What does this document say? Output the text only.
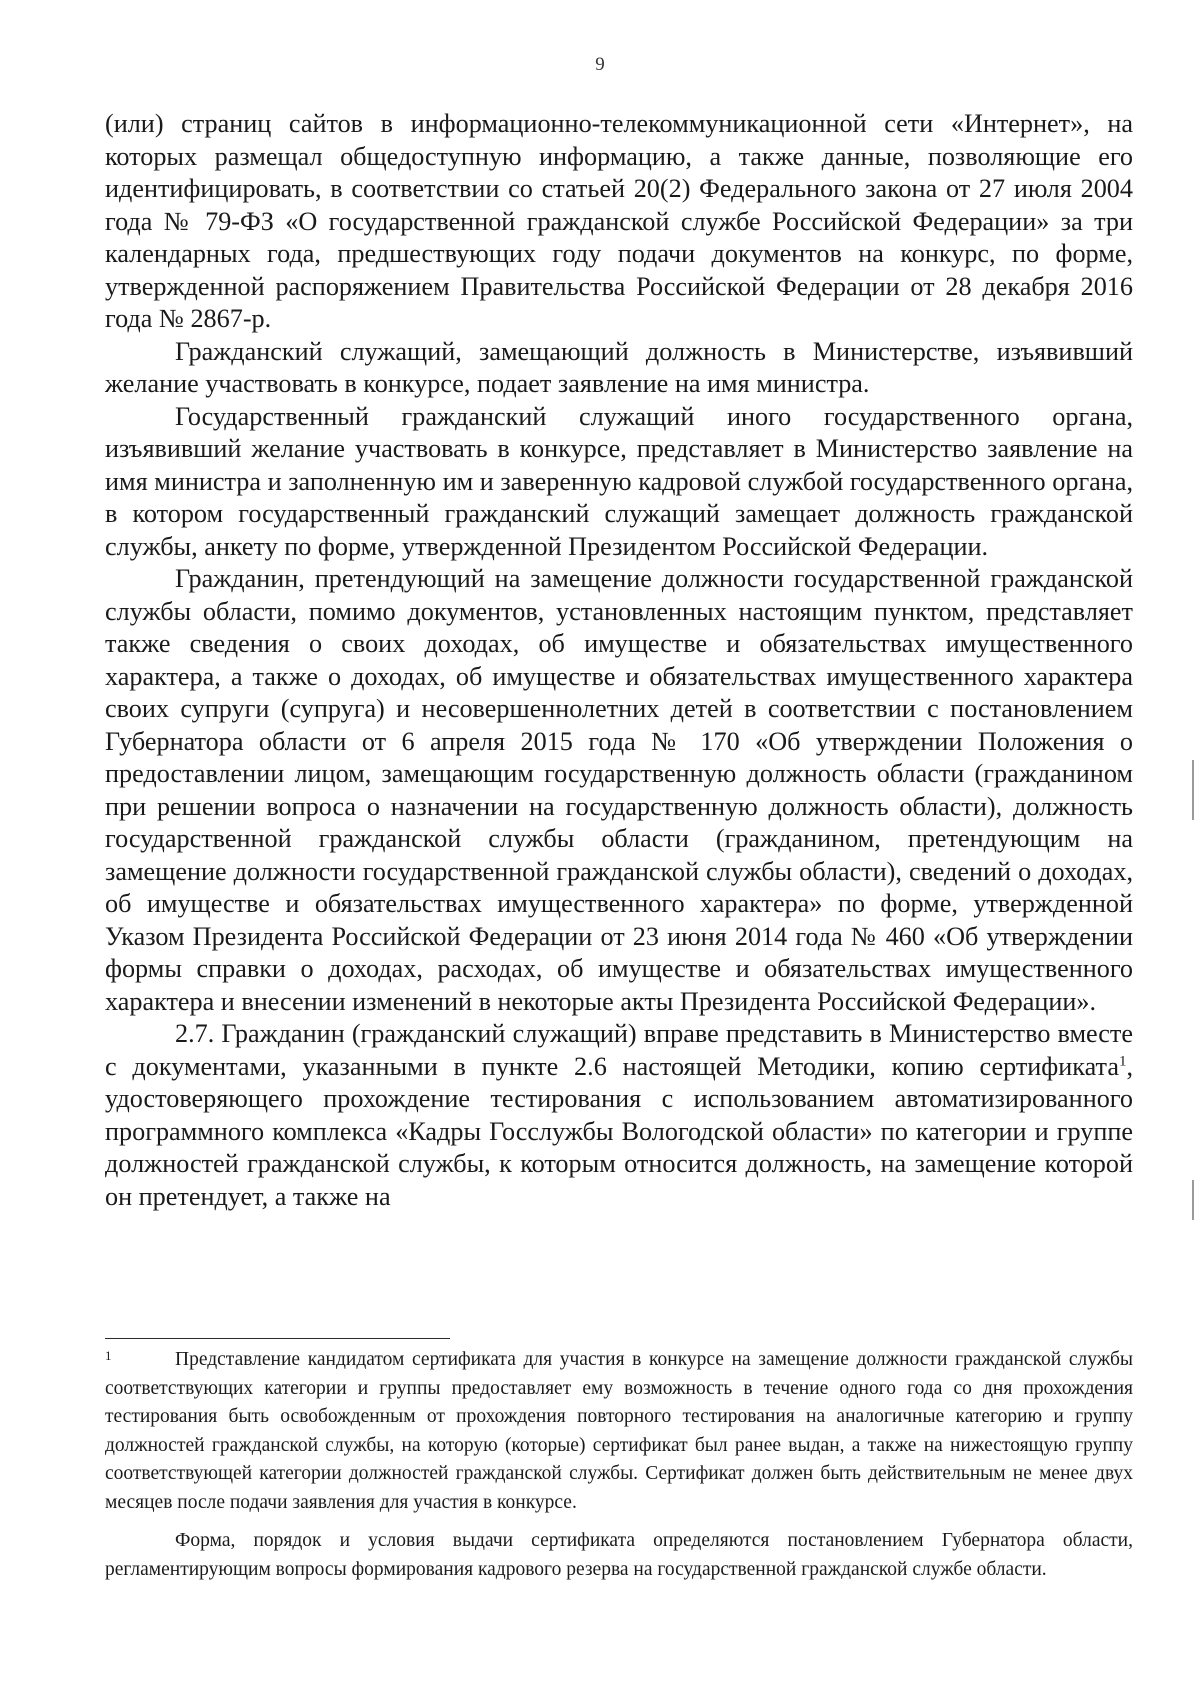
9

(или) страниц сайтов в информационно-телекоммуникационной сети «Интернет», на которых размещал общедоступную информацию, а также данные, позволяющие его идентифицировать, в соответствии со статьей 20(2) Федерального закона от 27 июля 2004 года № 79-ФЗ «О государственной гражданской службе Российской Федерации» за три календарных года, предшествующих году подачи документов на конкурс, по форме, утвержденной распоряжением Правительства Российской Федерации от 28 декабря 2016 года № 2867-р.

Гражданский служащий, замещающий должность в Министерстве, изъявивший желание участвовать в конкурсе, подает заявление на имя министра.

Государственный гражданский служащий иного государственного органа, изъявивший желание участвовать в конкурсе, представляет в Министерство заявление на имя министра и заполненную им и заверенную кадровой службой государственного органа, в котором государственный гражданский служащий замещает должность гражданской службы, анкету по форме, утвержденной Президентом Российской Федерации.

Гражданин, претендующий на замещение должности государственной гражданской службы области, помимо документов, установленных настоящим пунктом, представляет также сведения о своих доходах, об имуществе и обязательствах имущественного характера, а также о доходах, об имуществе и обязательствах имущественного характера своих супруги (супруга) и несовершеннолетних детей в соответствии с постановлением Губернатора области от 6 апреля 2015 года № 170 «Об утверждении Положения о предоставлении лицом, замещающим государственную должность области (гражданином при решении вопроса о назначении на государственную должность области), должность государственной гражданской службы области (гражданином, претендующим на замещение должности государственной гражданской службы области), сведений о доходах, об имуществе и обязательствах имущественного характера» по форме, утвержденной Указом Президента Российской Федерации от 23 июня 2014 года № 460 «Об утверждении формы справки о доходах, расходах, об имуществе и обязательствах имущественного характера и внесении изменений в некоторые акты Президента Российской Федерации».

2.7. Гражданин (гражданский служащий) вправе представить в Министерство вместе с документами, указанными в пункте 2.6 настоящей Методики, копию сертификата$^1$, удостоверяющего прохождение тестирования с использованием автоматизированного программного комплекса «Кадры Госслужбы Вологодской области» по категории и группе должностей гражданской службы, к которым относится должность, на замещение которой он претендует, а также на

1	Представление кандидатом сертификата для участия в конкурсе на замещение должности гражданской службы соответствующих категории и группы предоставляет ему возможность в течение одного года со дня прохождения тестирования быть освобожденным от прохождения повторного тестирования на аналогичные категорию и группу должностей гражданской службы, на которую (которые) сертификат был ранее выдан, а также на нижестоящую группу соответствующей категории должностей гражданской службы. Сертификат должен быть действительным не менее двух месяцев после подачи заявления для участия в конкурсе.

Форма, порядок и условия выдачи сертификата определяются постановлением Губернатора области, регламентирующим вопросы формирования кадрового резерва на государственной гражданской службе области.
